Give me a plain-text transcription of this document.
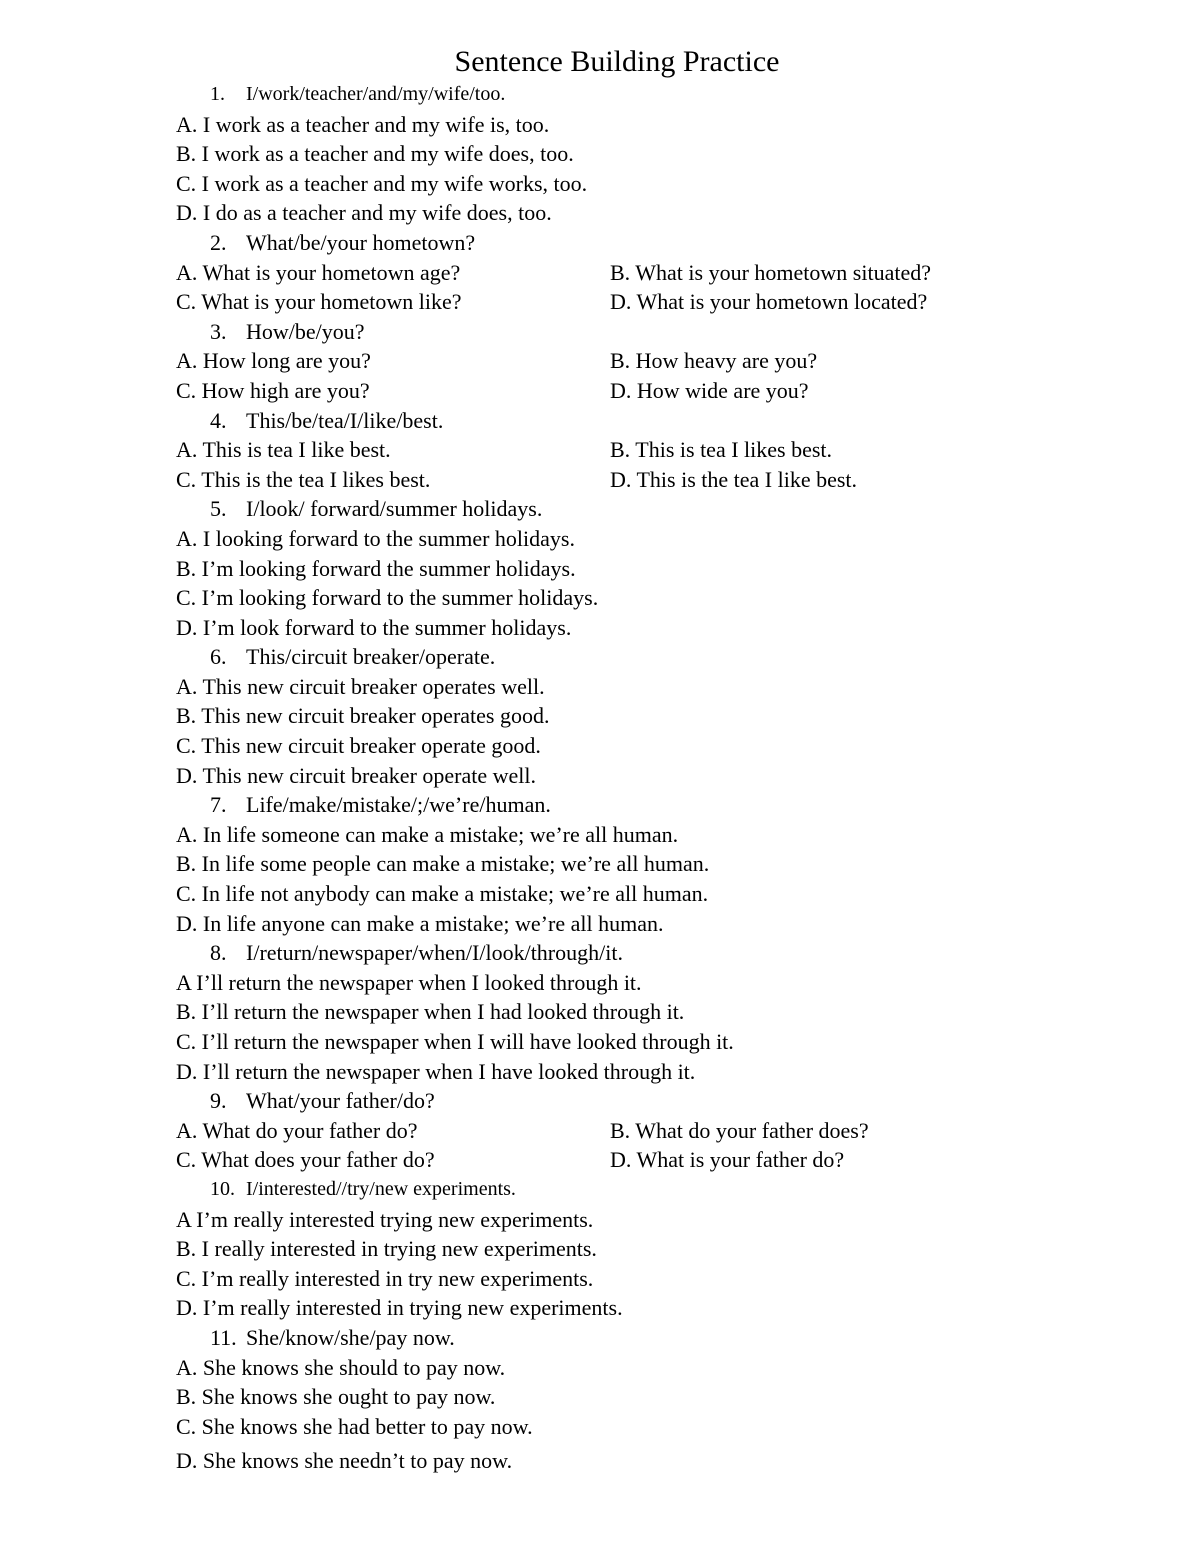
Sentence Building Practice
1. I/work/teacher/and/my/wife/too.
A. I work as a teacher and my wife is, too.
B. I work as a teacher and my wife does, too.
C. I work as a teacher and my wife works, too.
D. I do as a teacher and my wife does, too.
2. What/be/your hometown?
A. What is your hometown age?	B. What is your hometown situated?
C. What is your hometown like?	D. What is your hometown located?
3. How/be/you?
A. How long are you?	B. How heavy are you?
C. How high are you?	D. How wide are you?
4. This/be/tea/I/like/best.
A. This is tea I like best.	B. This is tea I likes best.
C. This is the tea I likes best.	D. This is the tea I like best.
5. I/look/ forward/summer holidays.
A. I looking forward to the summer holidays.
B. I’m looking forward the summer holidays.
C. I’m looking forward to the summer holidays.
D. I’m look forward to the summer holidays.
6. This/circuit breaker/operate.
A. This new circuit breaker operates well.
B. This new circuit breaker operates good.
C. This new circuit breaker operate good.
D. This new circuit breaker operate well.
7. Life/make/mistake/;/we’re/human.
A. In life someone can make a mistake; we’re all human.
B. In life some people can make a mistake; we’re all human.
C. In life not anybody can make a mistake; we’re all human.
D. In life anyone can make a mistake; we’re all human.
8. I/return/newspaper/when/I/look/through/it.
A I’ll return the newspaper when I looked through it.
B. I’ll return the newspaper when I had looked through it.
C. I’ll return the newspaper when I will have looked through it.
D. I’ll return the newspaper when I have looked through it.
9. What/your father/do?
A. What do your father do?	B. What do your father does?
C. What does your father do?	D. What is your father do?
10. I/interested//try/new experiments.
A I’m really interested trying new experiments.
B. I really interested in trying new experiments.
C. I’m really interested in try new experiments.
D. I’m really interested in trying new experiments.
11. She/know/she/pay now.
A. She knows she should to pay now.
B. She knows she ought to pay now.
C. She knows she had better to pay now.
D. She knows she needn’t to pay now.
